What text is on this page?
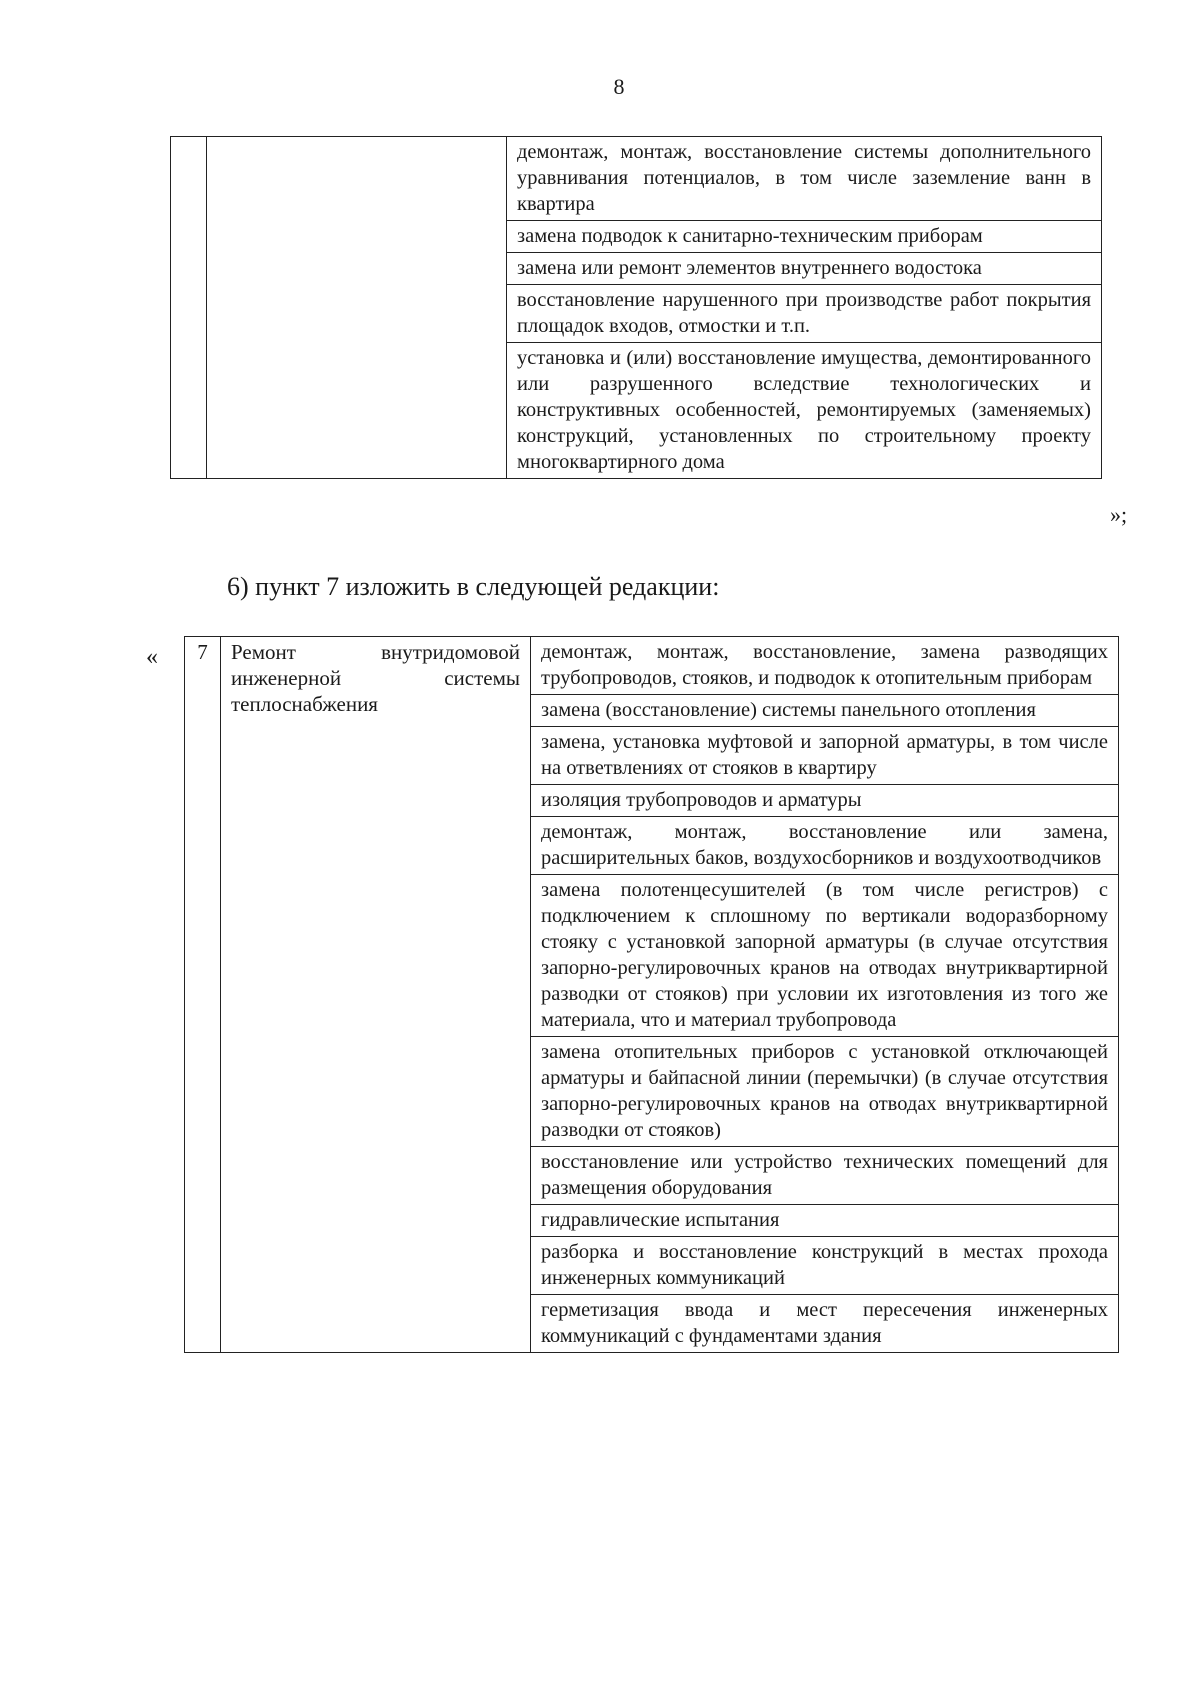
8
		демонтаж, монтаж, восстановление системы дополнительного уравнивания потенциалов, в том числе заземление ванн в квартира
замена подводок к санитарно-техническим приборам
замена или ремонт элементов внутреннего водостока
восстановление нарушенного при производстве работ покрытия площадок входов, отмостки и т.п.
установка и (или) восстановление имущества, демонтированного или разрушенного вследствие технологических и конструктивных особенностей, ремонтируемых (заменяемых) конструкций, установленных по строительному проекту многоквартирного дома
»;
6) пункт 7 изложить в следующей редакции:
« 7	Ремонт внутридомовой инженерной системы теплоснабжения	демонтаж, монтаж, восстановление, замена разводящих трубопроводов, стояков, и подводок к отопительным приборам
замена (восстановление) системы панельного отопления
замена, установка муфтовой и запорной арматуры, в том числе на ответвлениях от стояков в квартиру
изоляция трубопроводов и арматуры
демонтаж, монтаж, восстановление или замена, расширительных баков, воздухосборников и воздухоотводчиков
замена полотенцесушителей (в том числе регистров) с подключением к сплошному по вертикали водоразборному стояку с установкой запорной арматуры (в случае отсутствия запорно-регулировочных кранов на отводах внутриквартирной разводки от стояков) при условии их изготовления из того же материала, что и материал трубопровода
замена отопительных приборов с установкой отключающей арматуры и байпасной линии (перемычки) (в случае отсутствия запорно-регулировочных кранов на отводах внутриквартирной разводки от стояков)
восстановление или устройство технических помещений для размещения оборудования
гидравлические испытания
разборка и восстановление конструкций в местах прохода инженерных коммуникаций
герметизация ввода и мест пересечения инженерных коммуникаций с фундаментами здания
